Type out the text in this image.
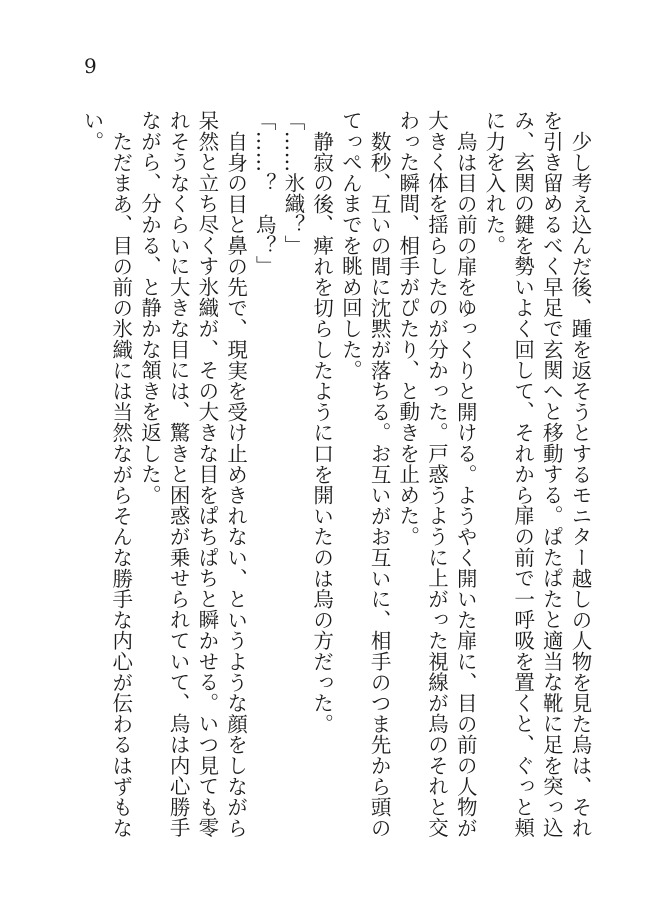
9

少し考え込んだ後、踵を返そうとするモニター越しの人物を見た烏は、それを引き留めるべく早足で玄関へと移動する。ぱたぱたと適当な靴に足を突っ込み、玄関の鍵を勢いよく回して、それから扉の前で一呼吸を置くと、ぐっと頬に力を入れた。

烏は目の前の扉をゆっくりと開ける。ようやく開いた扉に、目の前の人物が大きく体を揺らしたのが分かった。戸惑うように上がった視線が烏のそれと交わった瞬間、相手がぴたり、と動きを止めた。

数秒、互いの間に沈黙が落ちる。お互いがお互いに、相手のつま先から頭のてっぺんまでを眺め回した。

静寂の後、痺れを切らしたように口を開いたのは烏の方だった。

「……氷織？」

「……？　烏？」

自身の目と鼻の先で、現実を受け止めきれない、というような顔をしながら呆然と立ち尽くす氷織が、その大きな目をぱちぱちと瞬かせる。いつ見ても零れそうなくらいに大きな目には、驚きと困惑が乗せられていて、烏は内心勝手ながら、分かる、と静かな頷きを返した。

ただまあ、目の前の氷織には当然ながらそんな勝手な内心が伝わるはずもない。
